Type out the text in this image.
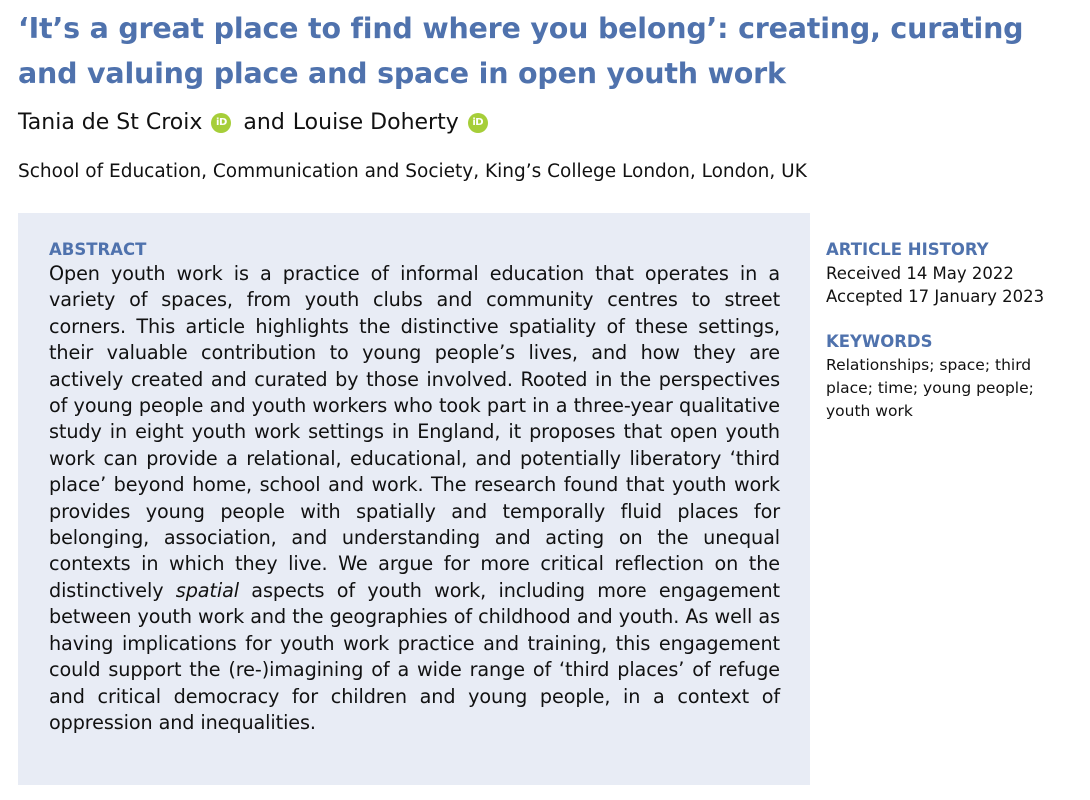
‘It’s a great place to find where you belong’: creating, curating and valuing place and space in open youth work
Tania de St Croix	iD and Louise Doherty	iD
School of Education, Communication and Society, King’s College London, London, UK
ABSTRACT

Open youth work is a practice of informal education that operates in a variety of spaces, from youth clubs and community centres to street corners. This article highlights the distinctive spatiality of these settings, their valuable contribution to young people’s lives, and how they are actively created and curated by those involved. Rooted in the perspectives of young people and youth workers who took part in a three-year qualitative study in eight youth work settings in England, it proposes that open youth work can provide a relational, educational, and potentially liberatory ‘third place’ beyond home, school and work. The research found that youth work provides young people with spatially and temporally fluid places for belonging, association, and understanding and acting on the unequal contexts in which they live. We argue for more critical reflection on the distinctively spatial aspects of youth work, including more engagement between youth work and the geographies of childhood and youth. As well as having implications for youth work practice and training, this engagement could support the (re-)imagining of a wide range of ‘third places’ of refuge and critical democracy for children and young people, in a context of oppression and inequalities.

ARTICLE HISTORY
Received 14 May 2022
Accepted 17 January 2023
KEYWORDS
Relationships; space; third place; time; young people; youth work
